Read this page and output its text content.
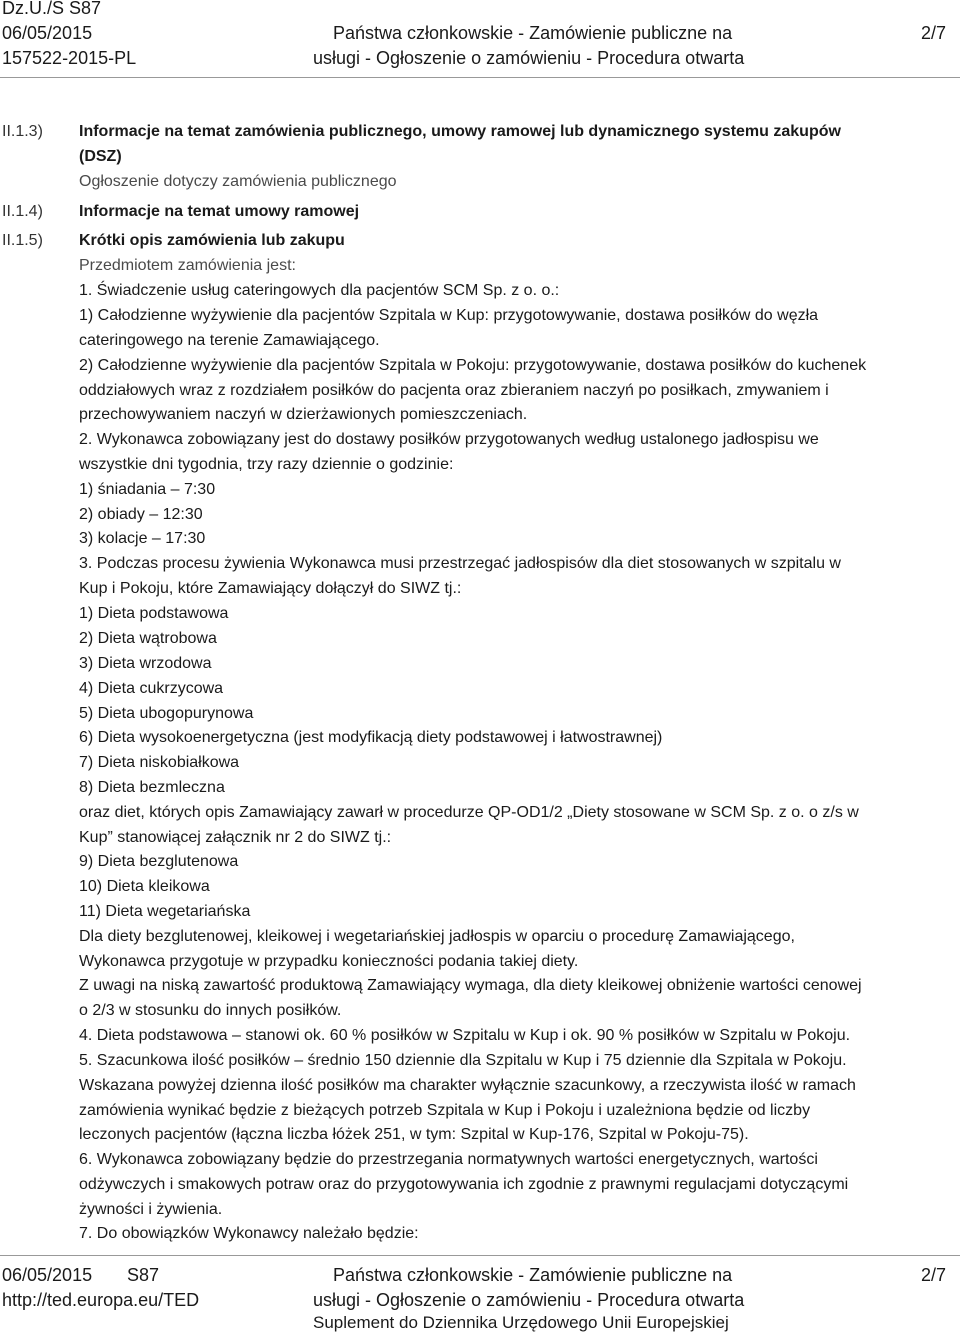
Dz.U./S S87
06/05/2015
157522-2015-PL
Państwa członkowskie - Zamówienie publiczne na
usługi - Ogłoszenie o zamówieniu - Procedura otwarta
2/7
II.1.3)
II.1.4)
II.1.5)
Informacje na temat zamówienia publicznego, umowy ramowej lub dynamicznego systemu zakupów
(DSZ)
Ogłoszenie dotyczy zamówienia publicznego
Informacje na temat umowy ramowej
Krótki opis zamówienia lub zakupu
Przedmiotem zamówienia jest:
1. Świadczenie usług cateringowych dla pacjentów SCM Sp. z o. o.:
1) Całodzienne wyżywienie dla pacjentów Szpitala w Kup: przygotowywanie, dostawa posiłków do węzła
cateringowego na terenie Zamawiającego.
2) Całodzienne wyżywienie dla pacjentów Szpitala w Pokoju: przygotowywanie, dostawa posiłków do kuchenek
oddziałowych wraz z rozdziałem posiłków do pacjenta oraz zbieraniem naczyń po posiłkach, zmywaniem i
przechowywaniem naczyń w dzierżawionych pomieszczeniach.
2. Wykonawca zobowiązany jest do dostawy posiłków przygotowanych według ustalonego jadłospisu we
wszystkie dni tygodnia, trzy razy dziennie o godzinie:
1) śniadania – 7:30
2) obiady – 12:30
3) kolacje – 17:30
3. Podczas procesu żywienia Wykonawca musi przestrzegać jadłospisów dla diet stosowanych w szpitalu w
Kup i Pokoju, które Zamawiający dołączył do SIWZ tj.:
1) Dieta podstawowa
2) Dieta wątrobowa
3) Dieta wrzodowa
4) Dieta cukrzycowa
5) Dieta ubogopurynowa
6) Dieta wysokoenergetyczna (jest modyfikacją diety podstawowej i łatwostrawnej)
7) Dieta niskobiałkowa
8) Dieta bezmleczna
oraz diet, których opis Zamawiający zawarł w procedurze QP-OD1/2 „Diety stosowane w SCM Sp. z o. o z/s w
Kup” stanowiącej załącznik nr 2 do SIWZ tj.:
9) Dieta bezglutenowa
10) Dieta kleikowa
11) Dieta wegetariańska
Dla diety bezglutenowej, kleikowej i wegetariańskiej jadłospis w oparciu o procedurę Zamawiającego,
Wykonawca przygotuje w przypadku konieczności podania takiej diety.
Z uwagi na niską zawartość produktową Zamawiający wymaga, dla diety kleikowej obniżenie wartości cenowej
o 2/3 w stosunku do innych posiłków.
4. Dieta podstawowa – stanowi ok. 60 % posiłków w Szpitalu w Kup i ok. 90 % posiłków w Szpitalu w Pokoju.
5. Szacunkowa ilość posiłków – średnio 150 dziennie dla Szpitalu w Kup i 75 dziennie dla Szpitala w Pokoju.
Wskazana powyżej dzienna ilość posiłków ma charakter wyłącznie szacunkowy, a rzeczywista ilość w ramach
zamówienia wynikać będzie z bieżących potrzeb Szpitala w Kup i Pokoju i uzależniona będzie od liczby
leczonych pacjentów (łączna liczba łóżek 251, w tym: Szpital w Kup-176, Szpital w Pokoju-75).
6. Wykonawca zobowiązany będzie do przestrzegania normatywnych wartości energetycznych, wartości
odżywczych i smakowych potraw oraz do przygotowywania ich zgodnie z prawnymi regulacjami dotyczącymi
żywności i żywienia.
7. Do obowiązków Wykonawcy należało będzie:
06/05/2015 S87
http://ted.europa.eu/TED
Państwa członkowskie - Zamówienie publiczne na
usługi - Ogłoszenie o zamówieniu - Procedura otwarta
Suplement do Dziennika Urzędowego Unii Europejskiej
2/7
